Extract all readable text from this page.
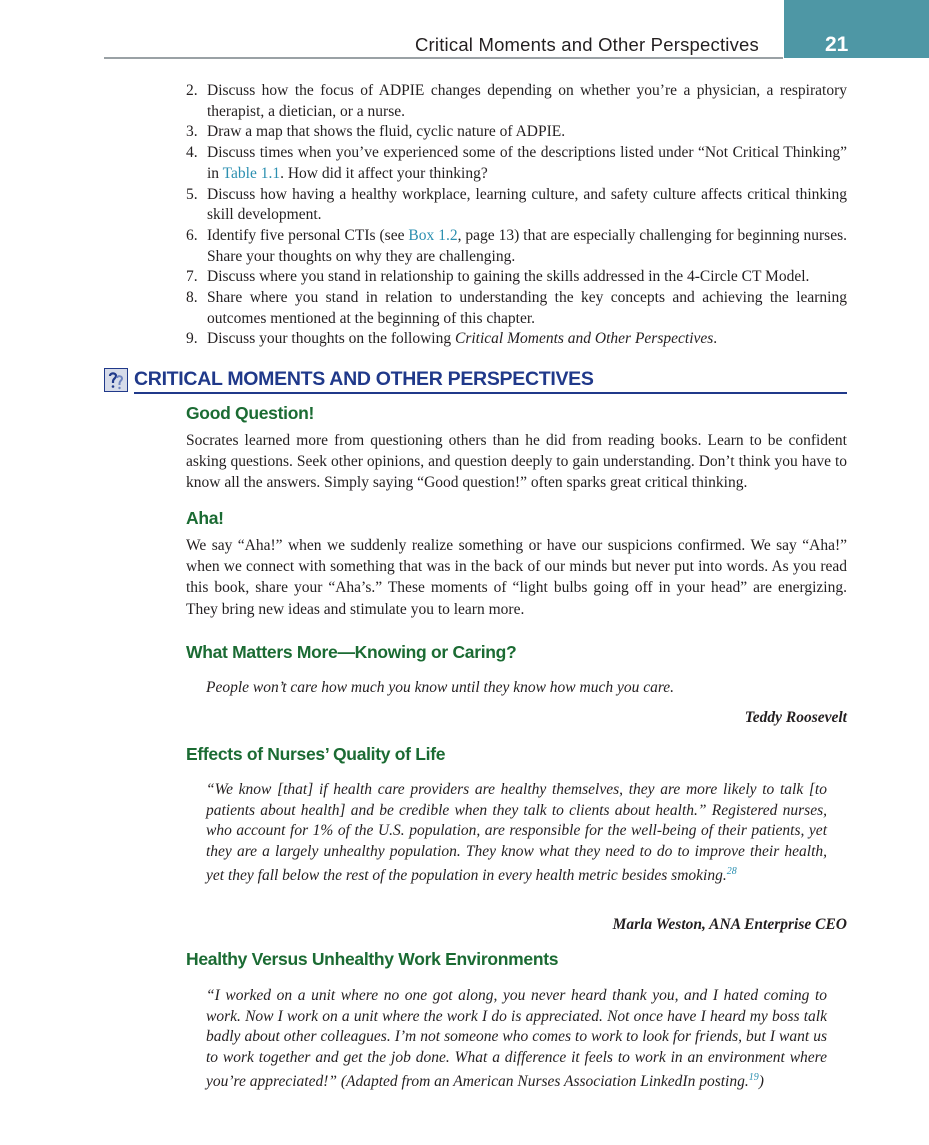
Critical Moments and Other Perspectives	21
2. Discuss how the focus of ADPIE changes depending on whether you’re a physician, a respiratory therapist, a dietician, or a nurse.
3. Draw a map that shows the fluid, cyclic nature of ADPIE.
4. Discuss times when you’ve experienced some of the descriptions listed under “Not Critical Thinking” in Table 1.1. How did it affect your thinking?
5. Discuss how having a healthy workplace, learning culture, and safety culture affects critical thinking skill development.
6. Identify five personal CTIs (see Box 1.2, page 13) that are especially challenging for beginning nurses. Share your thoughts on why they are challenging.
7. Discuss where you stand in relationship to gaining the skills addressed in the 4-Circle CT Model.
8. Share where you stand in relation to understanding the key concepts and achieving the learning outcomes mentioned at the beginning of this chapter.
9. Discuss your thoughts on the following Critical Moments and Other Perspectives.
CRITICAL MOMENTS AND OTHER PERSPECTIVES
Good Question!

Socrates learned more from questioning others than he did from reading books. Learn to be confident asking questions. Seek other opinions, and question deeply to gain understanding. Don’t think you have to know all the answers. Simply saying “Good question!” often sparks great critical thinking.

Aha!

We say “Aha!” when we suddenly realize something or have our suspicions confirmed. We say “Aha!” when we connect with something that was in the back of our minds but never put into words. As you read this book, share your “Aha’s.” These moments of “light bulbs going off in your head” are energizing. They bring new ideas and stimulate you to learn more.

What Matters More—Knowing or Caring?

People won’t care how much you know until they know how much you care.

Teddy Roosevelt

Effects of Nurses’ Quality of Life

“We know [that] if health care providers are healthy themselves, they are more likely to talk [to patients about health] and be credible when they talk to clients about health.” Registered nurses, who account for 1% of the U.S. population, are responsible for the well-being of their patients, yet they are a largely unhealthy population. They know what they need to do to improve their health, yet they fall below the rest of the population in every health metric besides smoking.$^{28}$

Marla Weston, ANA Enterprise CEO

Healthy Versus Unhealthy Work Environments

“I worked on a unit where no one got along, you never heard thank you, and I hated coming to work. Now I work on a unit where the work I do is appreciated. Not once have I heard my boss talk badly about other colleagues. I’m not someone who comes to work to look for friends, but I want us to work together and get the job done. What a difference it feels to work in an environment where you’re appreciated!” (Adapted from an American Nurses Association LinkedIn posting.$^{19}$)
